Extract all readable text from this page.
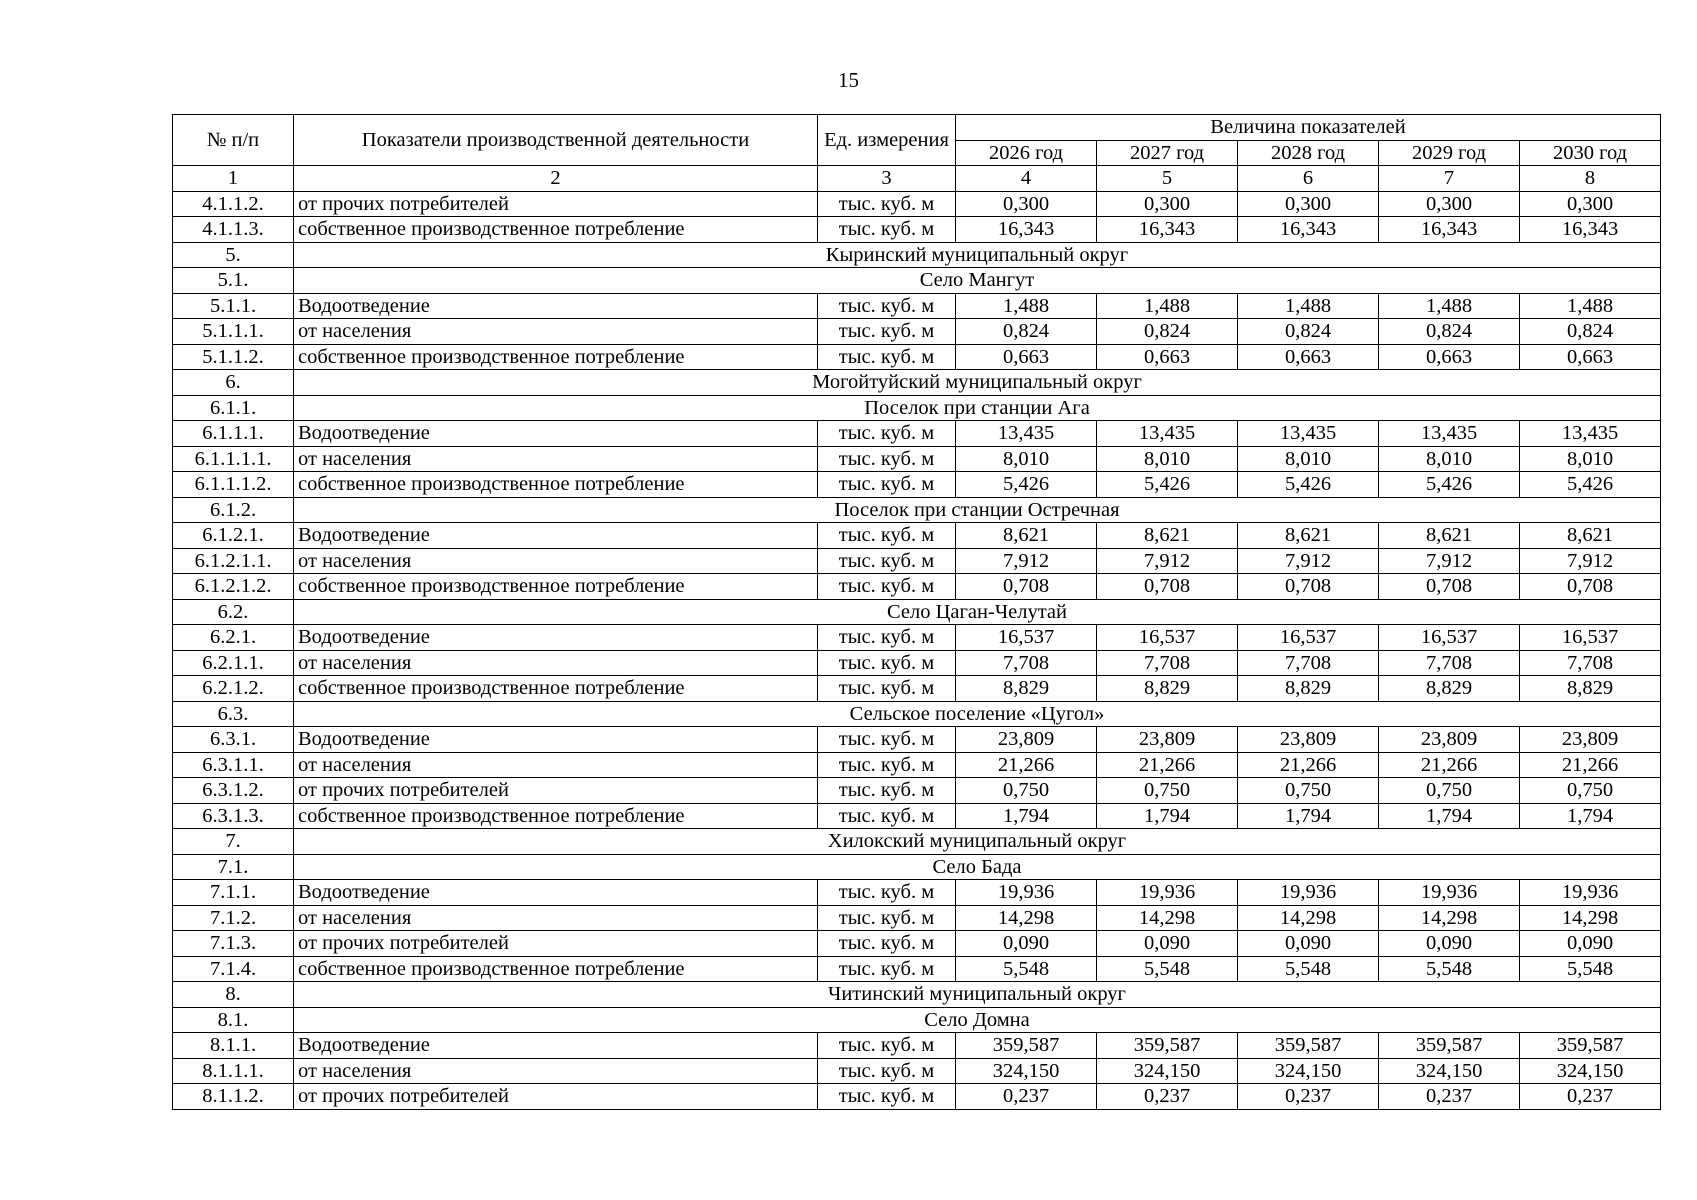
15
№ п/п	Показатели производственной деятельности	Ед. измерения	Величина показателей				
			2026 год	2027 год	2028 год	2029 год	2030 год
1	2	3	4	5	6	7	8
4.1.1.2.	от прочих потребителей	тыс. куб. м	0,300	0,300	0,300	0,300	0,300
4.1.1.3.	собственное производственное потребление	тыс. куб. м	16,343	16,343	16,343	16,343	16,343
5.	Кыринский муниципальный округ						
5.1.	Село Мангут						
5.1.1.	Водоотведение	тыс. куб. м	1,488	1,488	1,488	1,488	1,488
5.1.1.1.	от населения	тыс. куб. м	0,824	0,824	0,824	0,824	0,824
5.1.1.2.	собственное производственное потребление	тыс. куб. м	0,663	0,663	0,663	0,663	0,663
6.	Могойтуйский муниципальный округ						
6.1.1.	Поселок при станции Ага						
6.1.1.1.	Водоотведение	тыс. куб. м	13,435	13,435	13,435	13,435	13,435
6.1.1.1.1.	от населения	тыс. куб. м	8,010	8,010	8,010	8,010	8,010
6.1.1.1.2.	собственное производственное потребление	тыс. куб. м	5,426	5,426	5,426	5,426	5,426
6.1.2.	Поселок при станции Остречная						
6.1.2.1.	Водоотведение	тыс. куб. м	8,621	8,621	8,621	8,621	8,621
6.1.2.1.1.	от населения	тыс. куб. м	7,912	7,912	7,912	7,912	7,912
6.1.2.1.2.	собственное производственное потребление	тыс. куб. м	0,708	0,708	0,708	0,708	0,708
6.2.	Село Цаган-Челутай						
6.2.1.	Водоотведение	тыс. куб. м	16,537	16,537	16,537	16,537	16,537
6.2.1.1.	от населения	тыс. куб. м	7,708	7,708	7,708	7,708	7,708
6.2.1.2.	собственное производственное потребление	тыс. куб. м	8,829	8,829	8,829	8,829	8,829
6.3.	Сельское поселение «Цугол»						
6.3.1.	Водоотведение	тыс. куб. м	23,809	23,809	23,809	23,809	23,809
6.3.1.1.	от населения	тыс. куб. м	21,266	21,266	21,266	21,266	21,266
6.3.1.2.	от прочих потребителей	тыс. куб. м	0,750	0,750	0,750	0,750	0,750
6.3.1.3.	собственное производственное потребление	тыс. куб. м	1,794	1,794	1,794	1,794	1,794
7.	Хилокский муниципальный округ						
7.1.	Село Бада						
7.1.1.	Водоотведение	тыс. куб. м	19,936	19,936	19,936	19,936	19,936
7.1.2.	от населения	тыс. куб. м	14,298	14,298	14,298	14,298	14,298
7.1.3.	от прочих потребителей	тыс. куб. м	0,090	0,090	0,090	0,090	0,090
7.1.4.	собственное производственное потребление	тыс. куб. м	5,548	5,548	5,548	5,548	5,548
8.	Читинский муниципальный округ						
8.1.	Село Домна						
8.1.1.	Водоотведение	тыс. куб. м	359,587	359,587	359,587	359,587	359,587
8.1.1.1.	от населения	тыс. куб. м	324,150	324,150	324,150	324,150	324,150
8.1.1.2.	от прочих потребителей	тыс. куб. м	0,237	0,237	0,237	0,237	0,237
